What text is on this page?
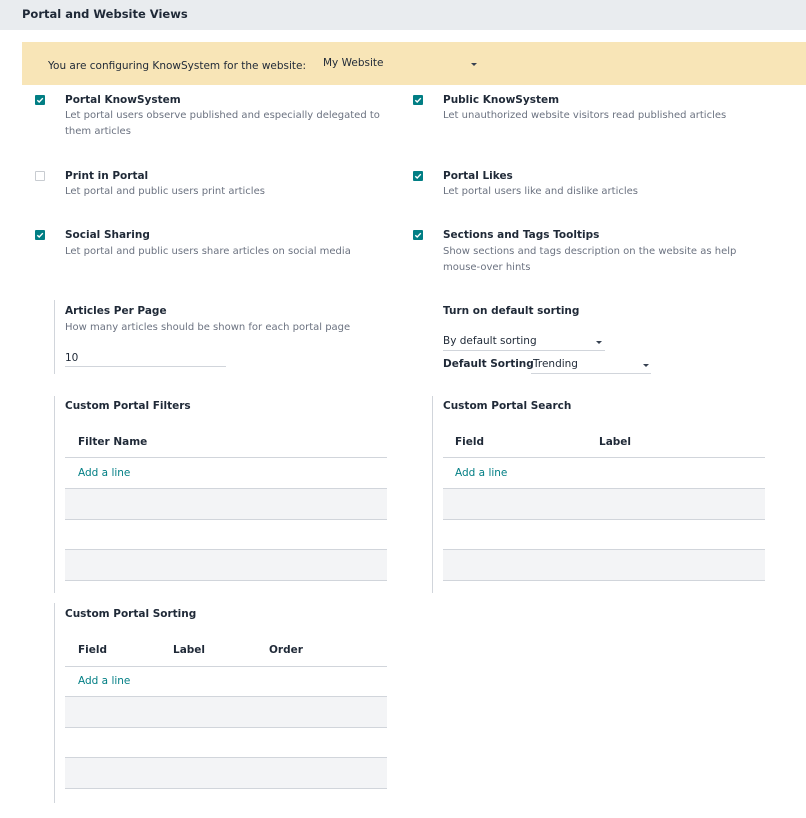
Portal and Website Views
You are configuring KnowSystem for the website: My Website
Portal KnowSystem
Let portal users observe published and especially delegated to
them articles
Public KnowSystem
Let unauthorized website visitors read published articles
Print in Portal
Let portal and public users print articles
Portal Likes
Let portal users like and dislike articles
Social Sharing
Let portal and public users share articles on social media
Sections and Tags Tooltips
Show sections and tags description on the website as help
mouse-over hints
Articles Per Page
How many articles should be shown for each portal page
10
Turn on default sorting
By default sorting
Default Sorting Trending
Custom Portal Filters
Filter Name
Add a line
Custom Portal Search
Field	Label
Add a line
Custom Portal Sorting
Field	Label	Order
Add a line
